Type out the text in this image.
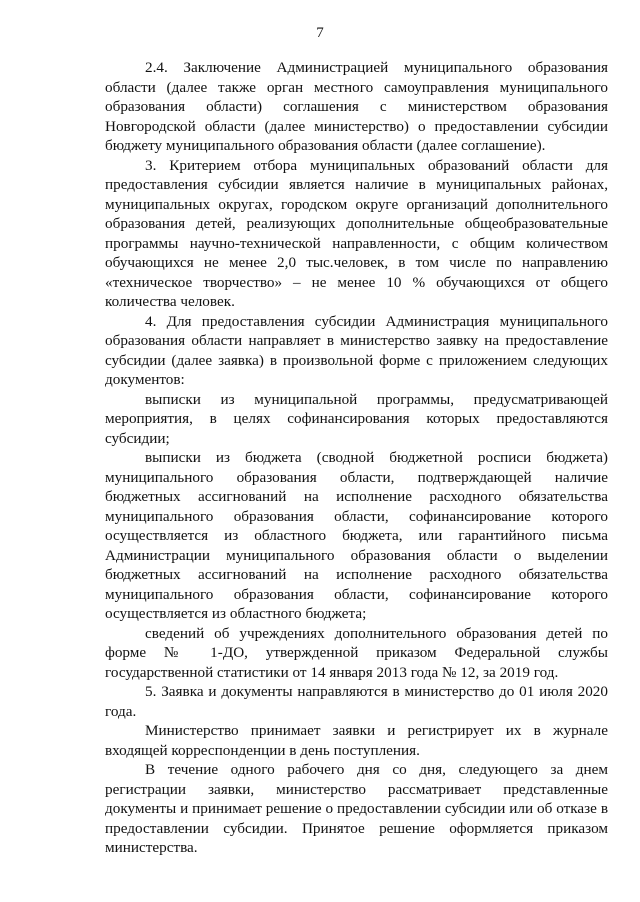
7

2.4. Заключение Администрацией муниципального образования области (далее также орган местного самоуправления муниципального образования области) соглашения с министерством образования Новгородской области (далее министерство) о предоставлении субсидии бюджету муниципального образования области (далее соглашение).

3. Критерием отбора муниципальных образований области для предоставления субсидии является наличие в муниципальных районах, муниципальных округах, городском округе организаций дополнительного образования детей, реализующих дополнительные общеобразовательные программы научно-технической направленности, с общим количеством обучающихся не менее 2,0 тыс.человек, в том числе по направлению «техническое творчество» – не менее 10 % обучающихся от общего количества человек.

4. Для предоставления субсидии Администрация муниципального образования области направляет в министерство заявку на предоставление субсидии (далее заявка) в произвольной форме с приложением следующих документов:

выписки из муниципальной программы, предусматривающей мероприятия, в целях софинансирования которых предоставляются субсидии;

выписки из бюджета (сводной бюджетной росписи бюджета) муниципального образования области, подтверждающей наличие бюджетных ассигнований на исполнение расходного обязательства муниципального образования области, софинансирование которого осуществляется из областного бюджета, или гарантийного письма Администрации муниципального образования области о выделении бюджетных ассигнований на исполнение расходного обязательства муниципального образования области, софинансирование которого осуществляется из областного бюджета;

сведений об учреждениях дополнительного образования детей по форме № 1-ДО, утвержденной приказом Федеральной службы государственной статистики от 14 января 2013 года № 12, за 2019 год.

5. Заявка и документы направляются в министерство до 01 июля 2020 года.

Министерство принимает заявки и регистрирует их в журнале входящей корреспонденции в день поступления.

В течение одного рабочего дня со дня, следующего за днем регистрации заявки, министерство рассматривает представленные документы и принимает решение о предоставлении субсидии или об отказе в предоставлении субсидии. Принятое решение оформляется приказом министерства.
